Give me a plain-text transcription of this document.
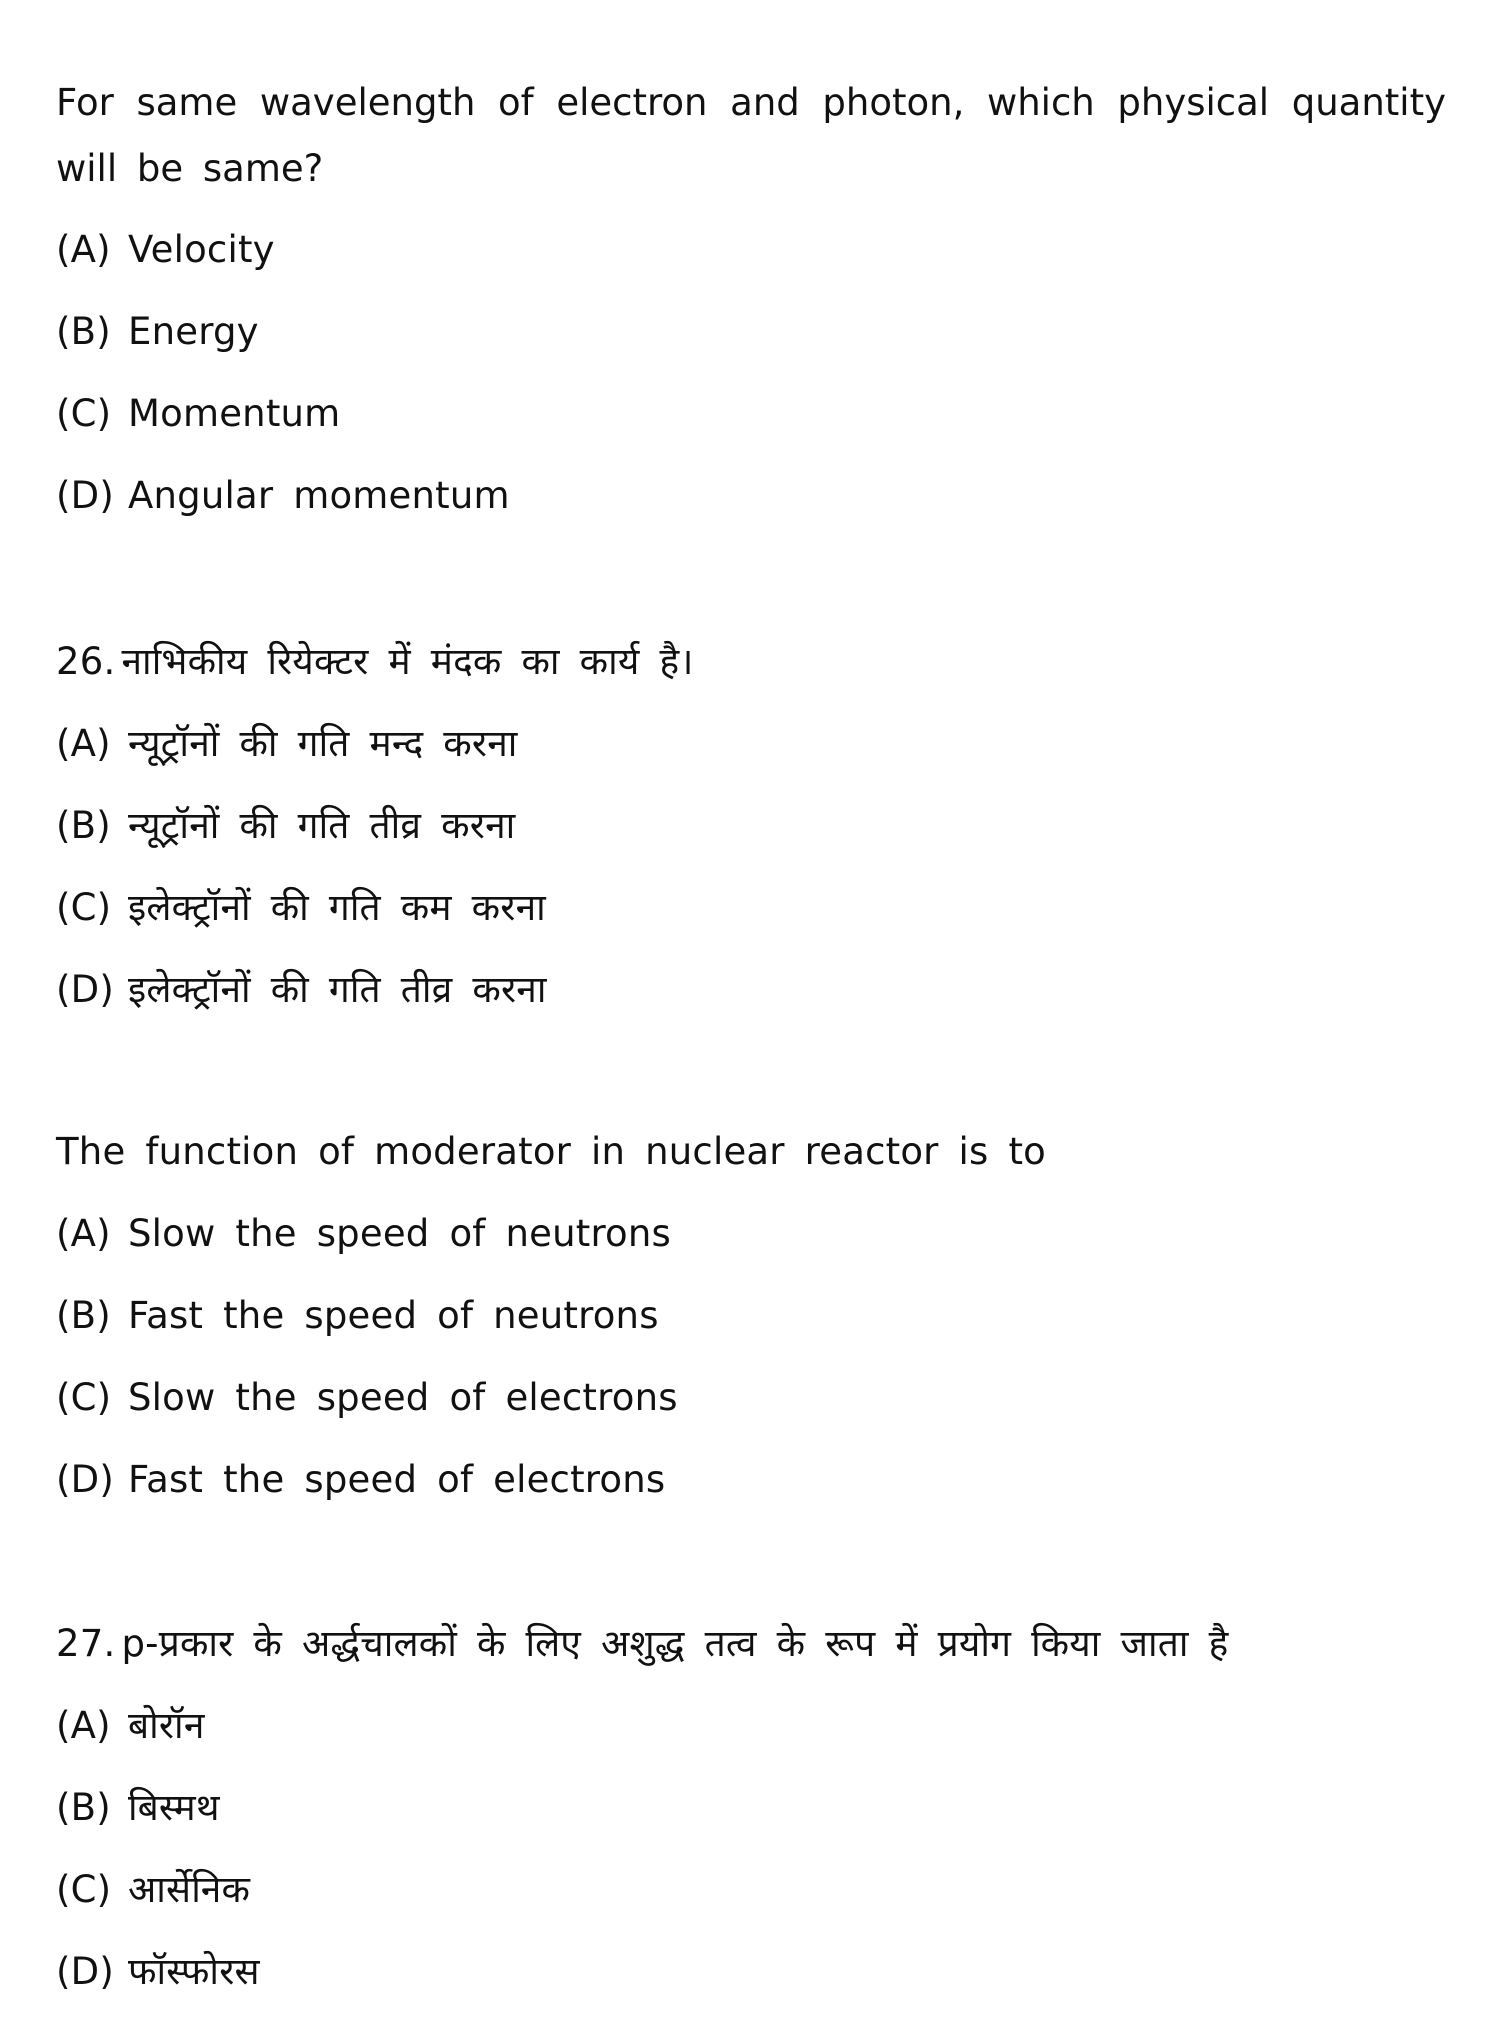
For same wavelength of electron and photon, which physical quantity will be same?
(A) Velocity
(B) Energy
(C) Momentum
(D) Angular momentum
26. नाभिकीय रियेक्टर में मंदक का कार्य है।
(A) न्यूट्रॉनों की गति मन्द करना
(B) न्यूट्रॉनों की गति तीव्र करना
(C) इलेक्ट्रॉनों की गति कम करना
(D) इलेक्ट्रॉनों की गति तीव्र करना
The function of moderator in nuclear reactor is to
(A) Slow the speed of neutrons
(B) Fast the speed of neutrons
(C) Slow the speed of electrons
(D) Fast the speed of electrons
27. p-प्रकार के अर्द्धचालकों के लिए अशुद्ध तत्व के रूप में प्रयोग किया जाता है
(A) बोरॉन
(B) बिस्मथ
(C) आर्सेनिक
(D) फॉस्फोरस
